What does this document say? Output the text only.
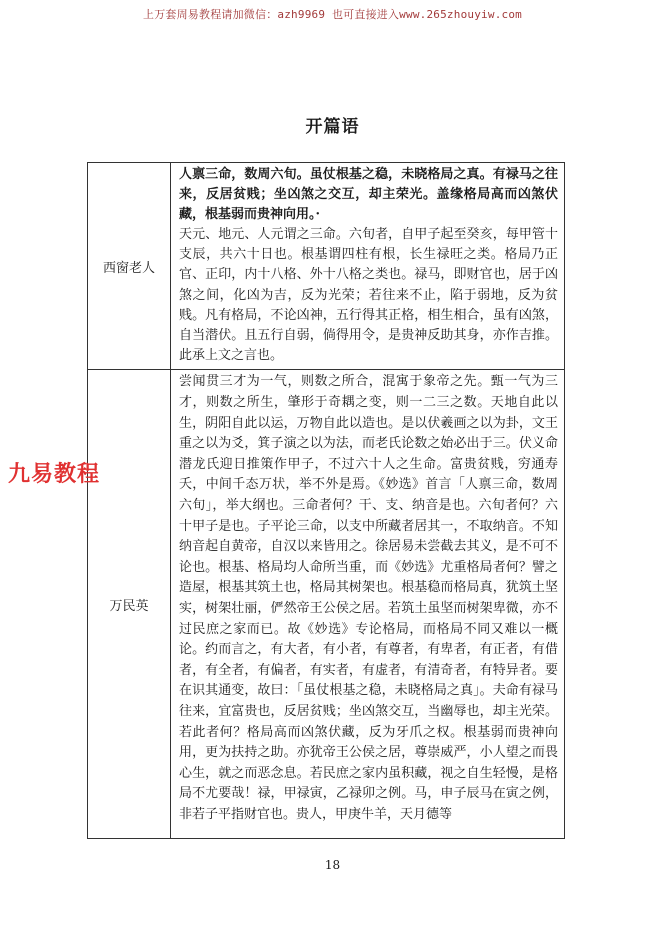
上万套周易教程请加微信：azh9969 也可直接进入www.265zhouyiw.com
开篇语
西窗老人	人禀三命，数周六旬。虽仗根基之稳，未晓格局之真。有禄马之往来，反居贫贱；坐凶煞之交互，却主荣光。盖缘格局高而凶煞伏藏，根基弱而贵神向用。·

天元、地元、人元谓之三命。六旬者，自甲子起至癸亥，每甲管十支辰，共六十日也。根基谓四柱有根，长生禄旺之类。格局乃正官、正印，内十八格、外十八格之类也。禄马，即财官也，居于凶煞之间，化凶为吉，反为光荣；若往来不止，陷于弱地，反为贫贱。凡有格局，不论凶神，五行得其正格，相生相合，虽有凶煞，自当潜伏。且五行自弱，倘得用令，是贵神反助其身，亦作吉推。此承上文之言也。

万民英	尝闻贯三才为一气，则数之所合，混寓于象帝之先。甄一气为三才，则数之所生，肇形于奇耦之变，则一二三之数。天地自此以生，阴阳自此以运，万物自此以造也。是以伏羲画之以为卦，文王重之以为爻，箕子演之以为法，而老氏论数之始必出于三。伏义命潜龙氏迎日推策作甲子，不过六十人之生命。富贵贫贱，穷通寿夭，中间千态万状，举不外是焉。《妙选》首言「人禀三命，数周六旬」，举大纲也。三命者何？干、支、纳音是也。六旬者何？六十甲子是也。子平论三命，以支中所藏者居其一，不取纳音。不知纳音起自黄帝，自汉以来皆用之。徐居易未尝截去其义，是不可不论也。根基、格局均人命所当重，而《妙选》尤重格局者何？譬之造屋，根基其筑土也，格局其树架也。根基稳而格局真，犹筑土坚实，树架壮丽，俨然帝王公侯之居。若筑土虽坚而树架卑微，亦不过民庶之家而已。故《妙选》专论格局，而格局不同又难以一概论。约而言之，有大者，有小者，有尊者，有卑者，有正者，有借者，有全者，有偏者，有实者，有虚者，有清奇者，有特异者。要在识其通变，故曰：「虽仗根基之稳，未晓格局之真」。夫命有禄马往来，宜富贵也，反居贫贱；坐凶煞交互，当幽辱也，却主光荣。若此者何？格局高而凶煞伏藏，反为牙爪之权。根基弱而贵神向用，更为扶持之助。亦犹帝王公侯之居，尊崇威严，小人望之而畏心生，就之而恶念息。若民庶之家内虽积藏，视之自生轻慢，是格局不尤要哉！禄，甲禄寅，乙禄卯之例。马，申子辰马在寅之例，非若子平指财官也。贵人，甲庚牛羊，天月德等

九易教程
18
